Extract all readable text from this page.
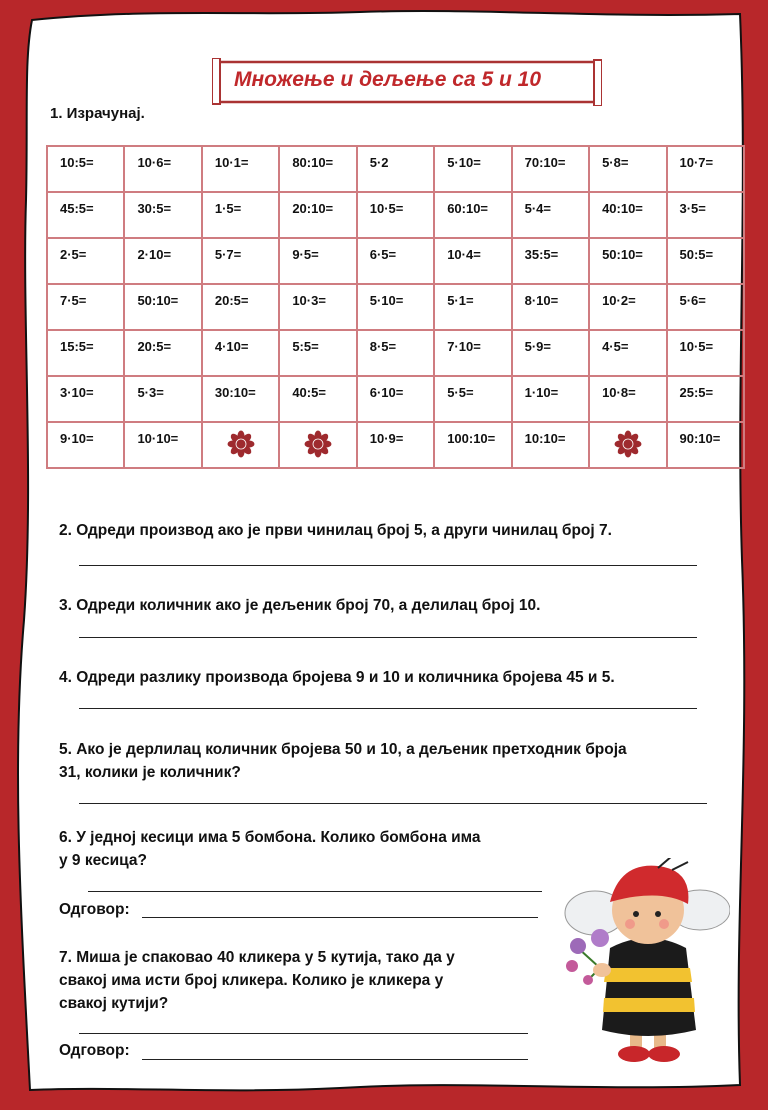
Множење и дељење са 5 и 10
1. Израчунај.
10:5=	10·6=	10·1=	80:10=	5·2	5·10=	70:10=	5·8=	10·7=
45:5=	30:5=	1·5=	20:10=	10·5=	60:10=	5·4=	40:10=	3·5=
2·5=	2·10=	5·7=	9·5=	6·5=	10·4=	35:5=	50:10=	50:5=
7·5=	50:10=	20:5=	10·3=	5·10=	5·1=	8·10=	10·2=	5·6=
15:5=	20:5=	4·10=	5:5=	8·5=	7·10=	5·9=	4·5=	10·5=
3·10=	5·3=	30:10=	40:5=	6·10=	5·5=	1·10=	10·8=	25:5=
9·10=	10·10=			10·9=	100:10=	10:10=		90:10=
2. Одреди производ ако је први чинилац број 5, а други чинилац број 7.
3. Одреди количник ако је дељеник број 70, а делилац број 10.
4. Одреди разлику производа бројева 9 и 10 и количника бројева 45 и 5.
5. Ако је дерлилац количник бројева 50 и 10, а дељеник претходник броја
31, колики је количник?
6. У једној кесици има 5 бомбона. Колико бомбона има
у 9 кесица?
Одговор:
7. Миша је спаковао 40 кликера у 5 кутија, тако да у
свакој има исти број кликера. Колико је кликера у
свакој кутији?
Одговор:
